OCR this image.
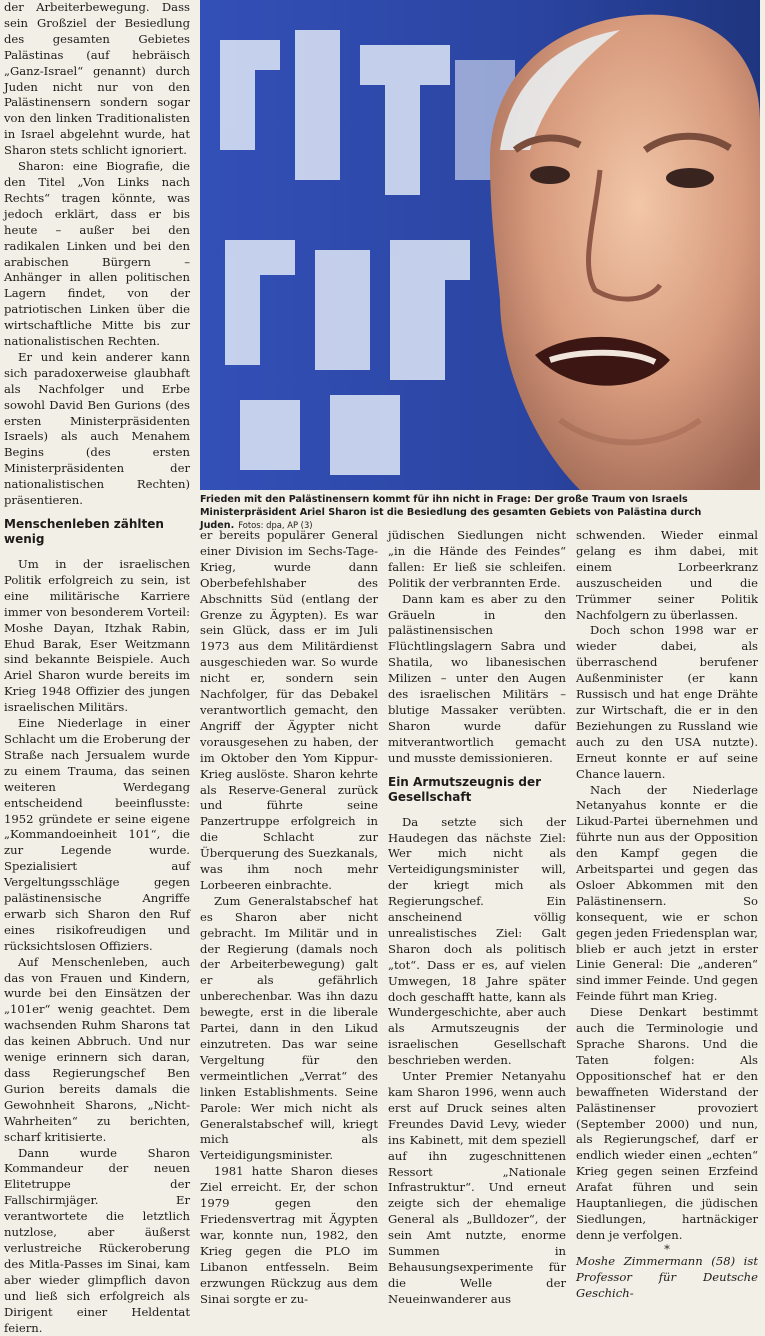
Frieden mit den Palästinensern kommt für ihn nicht in Frage: Der große Traum von Israels Ministerpräsident Ariel Sharon ist die Besiedlung des gesamten Gebiets von Palästina durch Juden. Fotos: dpa, AP (3)

der Arbeiterbewegung. Dass sein Großziel der Besiedlung des gesamten Gebietes Palästinas (auf hebräisch „Ganz-Israel“ genannt) durch Juden nicht nur von den Palästinensern sondern sogar von den linken Traditionalisten in Israel abgelehnt wurde, hat Sharon stets schlicht ignoriert.

Sharon: eine Biografie, die den Titel „Von Links nach Rechts“ tragen könnte, was jedoch erklärt, dass er bis heute – außer bei den radikalen Linken und bei den arabischen Bürgern – Anhänger in allen politischen Lagern findet, von der patriotischen Linken über die wirtschaftliche Mitte bis zur nationalistischen Rechten.

Er und kein anderer kann sich paradoxerweise glaubhaft als Nachfolger und Erbe sowohl David Ben Gurions (des ersten Ministerpräsidenten Israels) als auch Menahem Begins (des ersten Ministerpräsidenten der nationalistischen Rechten) präsentieren.

Menschenleben zählten wenig

Um in der israelischen Politik erfolgreich zu sein, ist eine militärische Karriere immer von besonderem Vorteil: Moshe Dayan, Itzhak Rabin, Ehud Barak, Eser Weitzmann sind bekannte Beispiele. Auch Ariel Sharon wurde bereits im Krieg 1948 Offizier des jungen israelischen Militärs.

Eine Niederlage in einer Schlacht um die Eroberung der Straße nach Jersualem wurde zu einem Trauma, das seinen weiteren Werdegang entscheidend beeinflusste: 1952 gründete er seine eigene „Kommandoeinheit 101“, die zur Legende wurde. Spezialisiert auf Vergeltungsschläge gegen palästinensische Angriffe erwarb sich Sharon den Ruf eines risikofreudigen und rücksichtslosen Offiziers.

Auf Menschenleben, auch das von Frauen und Kindern, wurde bei den Einsätzen der „101er“ wenig geachtet. Dem wachsenden Ruhm Sharons tat das keinen Abbruch. Und nur wenige erinnern sich daran, dass Regierungschef Ben Gurion bereits damals die Gewohnheit Sharons, „Nicht-Wahrheiten“ zu berichten, scharf kritisierte.

Dann wurde Sharon Kommandeur der neuen Elitetruppe der Fallschirmjäger. Er verantwortete die letztlich nutzlose, aber äußerst verlustreiche Rückeroberung des Mitla-Passes im Sinai, kam aber wieder glimpflich davon und ließ sich erfolgreich als Dirigent einer Heldentat feiern.

er bereits populärer General einer Division im Sechs-Tage-Krieg, wurde dann Oberbefehlshaber des Abschnitts Süd (entlang der Grenze zu Ägypten). Es war sein Glück, dass er im Juli 1973 aus dem Militärdienst ausgeschieden war. So wurde nicht er, sondern sein Nachfolger, für das Debakel verantwortlich gemacht, den Angriff der Ägypter nicht vorausgesehen zu haben, der im Oktober den Yom Kippur-Krieg auslöste. Sharon kehrte als Reserve-General zurück und führte seine Panzertruppe erfolgreich in die Schlacht zur Überquerung des Suezkanals, was ihm noch mehr Lorbeeren einbrachte.

Zum Generalstabschef hat es Sharon aber nicht gebracht. Im Militär und in der Regierung (damals noch der Arbeiterbewegung) galt er als gefährlich unberechenbar. Was ihn dazu bewegte, erst in die liberale Partei, dann in den Likud einzutreten. Das war seine Vergeltung für den vermeintlichen „Verrat“ des linken Establishments. Seine Parole: Wer mich nicht als Generalstabschef will, kriegt mich als Verteidigungsminister.

1981 hatte Sharon dieses Ziel erreicht. Er, der schon 1979 gegen den Friedensvertrag mit Ägypten war, konnte nun, 1982, den Krieg gegen die PLO im Libanon entfesseln. Beim erzwungen Rückzug aus dem Sinai sorgte er zu-

jüdischen Siedlungen nicht „in die Hände des Feindes“ fallen: Er ließ sie schleifen. Politik der verbrannten Erde.

Dann kam es aber zu den Gräueln in den palästinensischen Flüchtlingslagern Sabra und Shatila, wo libanesischen Milizen – unter den Augen des israelischen Militärs – blutige Massaker verübten. Sharon wurde dafür mitverantwortlich gemacht und musste demissionieren.

Ein Armutszeugnis der Gesellschaft

Da setzte sich der Haudegen das nächste Ziel: Wer mich nicht als Verteidigungsminister will, der kriegt mich als Regierungschef. Ein anscheinend völlig unrealistisches Ziel: Galt Sharon doch als politisch „tot“. Dass er es, auf vielen Umwegen, 18 Jahre später doch geschafft hatte, kann als Wundergeschichte, aber auch als Armutszeugnis der israelischen Gesellschaft beschrieben werden.

Unter Premier Netanyahu kam Sharon 1996, wenn auch erst auf Druck seines alten Freundes David Levy, wieder ins Kabinett, mit dem speziell auf ihn zugeschnittenen Ressort „Nationale Infrastruktur“. Und erneut zeigte sich der ehemalige General als „Bulldozer“, der sein Amt nutzte, enorme Summen in Behausungsexperimente für die Welle der Neueinwanderer aus

schwenden. Wieder einmal gelang es ihm dabei, mit einem Lorbeerkranz auszuscheiden und die Trümmer seiner Politik Nachfolgern zu überlassen.

Doch schon 1998 war er wieder dabei, als überraschend berufener Außenminister (er kann Russisch und hat enge Drähte zur Wirtschaft, die er in den Beziehungen zu Russland wie auch zu den USA nutzte). Erneut konnte er auf seine Chance lauern.

Nach der Niederlage Netanyahus konnte er die Likud-Partei übernehmen und führte nun aus der Opposition den Kampf gegen die Arbeitspartei und gegen das Osloer Abkommen mit den Palästinensern. So konsequent, wie er schon gegen jeden Friedensplan war, blieb er auch jetzt in erster Linie General: Die „anderen“ sind immer Feinde. Und gegen Feinde führt man Krieg.

Diese Denkart bestimmt auch die Terminologie und Sprache Sharons. Und die Taten folgen: Als Oppositionschef hat er den bewaffneten Widerstand der Palästinenser provoziert (September 2000) und nun, als Regierungschef, darf er endlich wieder einen „echten“ Krieg gegen seinen Erzfeind Arafat führen und sein Hauptanliegen, die jüdischen Siedlungen, hartnäckiger denn je verfolgen.

*

Moshe Zimmermann (58) ist Professor für Deutsche Geschich-
